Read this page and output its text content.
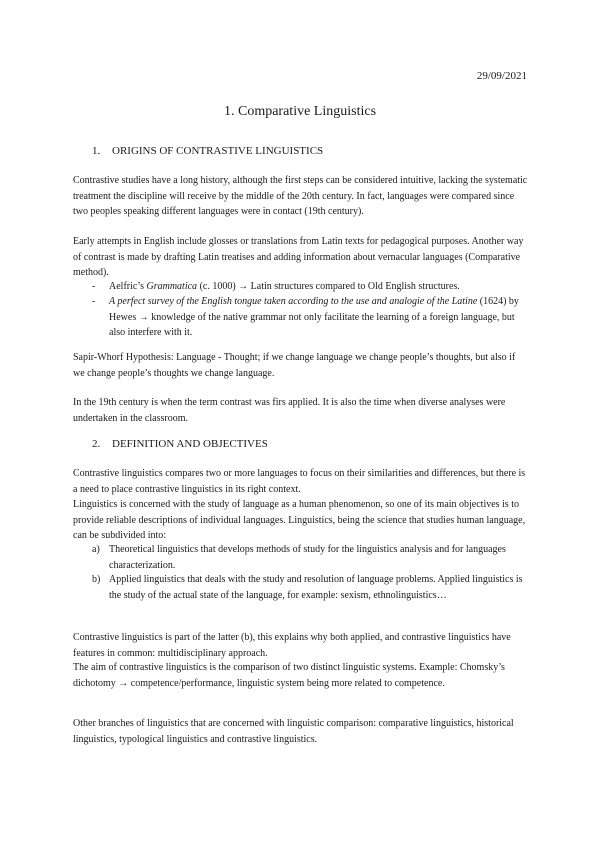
29/09/2021
1. Comparative Linguistics
1. ORIGINS OF CONTRASTIVE LINGUISTICS
Contrastive studies have a long history, although the first steps can be considered intuitive, lacking the systematic treatment the discipline will receive by the middle of the 20th century. In fact, languages were compared since two peoples speaking different languages were in contact (19th century).
Early attempts in English include glosses or translations from Latin texts for pedagogical purposes. Another way of contrast is made by drafting Latin treatises and adding information about vernacular languages (Comparative method).
- Aelfric’s Grammatica (c. 1000) → Latin structures compared to Old English structures.
- A perfect survey of the English tongue taken according to the use and analogie of the Latine (1624) by Hewes → knowledge of the native grammar not only facilitate the learning of a foreign language, but also interfere with it.
Sapir-Whorf Hypothesis: Language - Thought; if we change language we change people’s thoughts, but also if we change people’s thoughts we change language.
In the 19th century is when the term contrast was firs applied. It is also the time when diverse analyses were undertaken in the classroom.
2. DEFINITION AND OBJECTIVES
Contrastive linguistics compares two or more languages to focus on their similarities and differences, but there is a need to place contrastive linguistics in its right context.
Linguistics is concerned with the study of language as a human phenomenon, so one of its main objectives is to provide reliable descriptions of individual languages. Linguistics, being the science that studies human language, can be subdivided into:
a) Theoretical linguistics that develops methods of study for the linguistics analysis and for languages characterization.
b) Applied linguistics that deals with the study and resolution of language problems. Applied linguistics is the study of the actual state of the language, for example: sexism, ethnolinguistics…
Contrastive linguistics is part of the latter (b), this explains why both applied, and contrastive linguistics have features in common: multidisciplinary approach.
The aim of contrastive linguistics is the comparison of two distinct linguistic systems. Example: Chomsky’s dichotomy → competence/performance, linguistic system being more related to competence.
Other branches of linguistics that are concerned with linguistic comparison: comparative linguistics, historical linguistics, typological linguistics and contrastive linguistics.
